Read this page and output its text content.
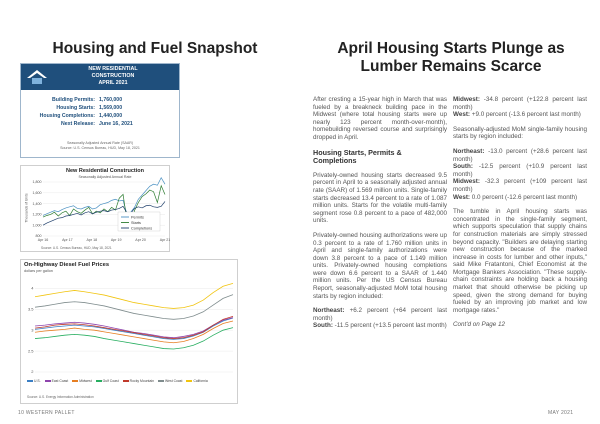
Housing and Fuel Snapshot	April Housing Starts Plunge as Lumber Remains Scarce
NEW RESIDENTIAL
CONSTRUCTION
APRIL 2021
Building Permits: 1,760,000
Housing Starts: 1,569,000
Housing Completions: 1,440,000
Next Release: June 16, 2021
Seasonally Adjusted Annual Rate (SAAR)
Source: U.S. Census Bureau, HUD, May 18, 2021
New Residential Construction
Seasonally Adjusted Annual Rate
Thousands of Units
1,800
1,600
1,400
1,200
1,000
800
Apr 16	Apr 17	Apr 18	Apr 19	Apr 20	Apr 21
Permits
Starts
Completions
Source: U.S. Census Bureau, HUD, May 18, 2021
On-Highway Diesel Fuel Prices
dollars per gallon
4
3.5
3
2.5
2
U.S.	East Coast	Midwest	Gulf Coast	Rocky Mountain	West Coast	California
Source: U.S. Energy Information Administration

After cresting a 15-year high in March that was fueled by a breakneck building pace in the Midwest (where total housing starts were up nearly 123 percent month-over-month), homebuilding reversed course and surprisingly dropped in April.

Housing Starts, Permits & Completions

Privately-owned housing starts decreased 9.5 percent in April to a seasonally adjusted annual rate (SAAR) of 1.569 million units. Single-family starts decreased 13.4 percent to a rate of 1.087 million units. Starts for the volatile multi-family segment rose 0.8 percent to a pace of 482,000 units.

Privately-owned housing authorizations were up 0.3 percent to a rate of 1.760 million units in April and single-family authorizations were down 3.8 percent to a pace of 1.149 million units. Privately-owned housing completions were down 6.6 percent to a SAAR of 1.440 million units. Per the US Census Bureau Report, seasonally-adjusted MoM total housing starts by region included:

Northeast: +6.2 percent (+64 percent last month)

South: -11.5 percent (+13.5 percent last month)

Midwest: -34.8 percent (+122.8 percent last month)

West: +9.0 percent (-13.6 percent last month)

Seasonally-adjusted MoM single-family housing starts by region included:

Northeast: -13.0 percent (+28.6 percent last month)

South: -12.5 percent (+10.9 percent last month)

Midwest: -32.3 percent (+109 percent last month)

West: 0.0 percent (-12.6 percent last month)

The tumble in April housing starts was concentrated in the single-family segment, which supports speculation that supply chains for construction materials are simply stressed beyond capacity. "Builders are delaying starting new construction because of the marked increase in costs for lumber and other inputs," said Mike Fratantoni, Chief Economist at the Mortgage Bankers Association. "These supply-chain constraints are holding back a housing market that should otherwise be picking up speed, given the strong demand for buying fueled by an improving job market and low mortgage rates."

Cont'd on Page 12

10 WESTERN PALLET	MAY 2021
